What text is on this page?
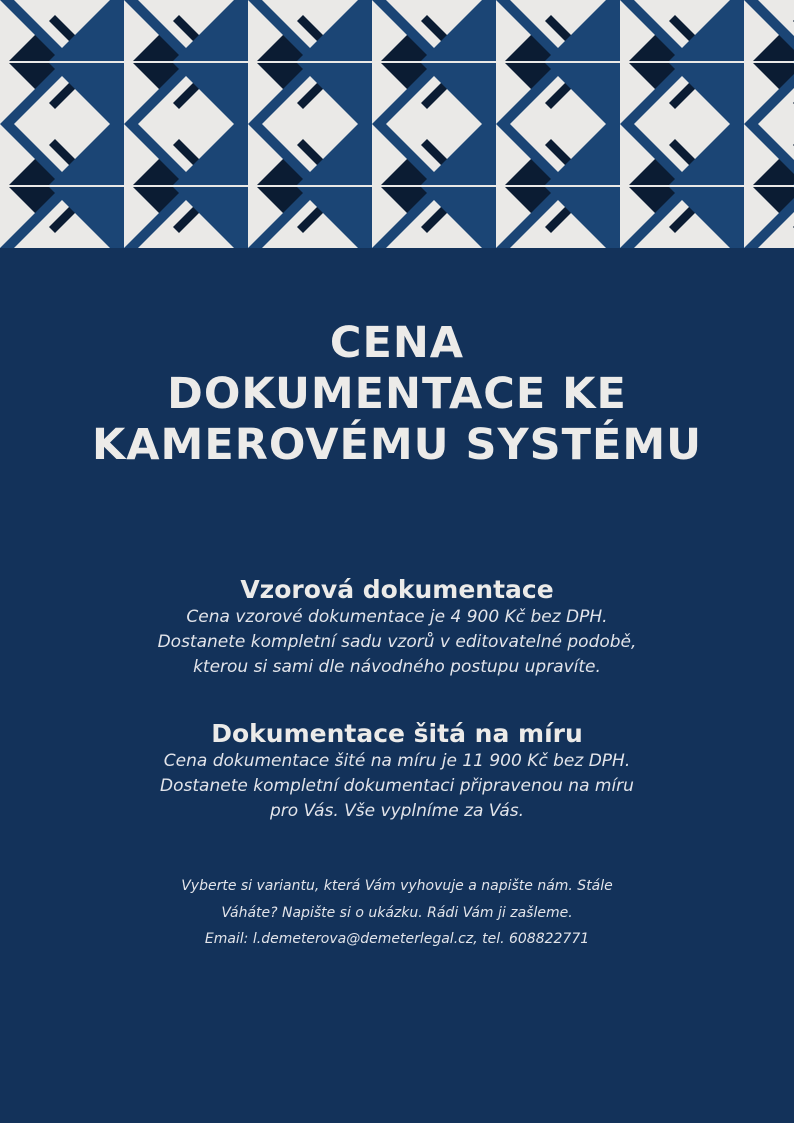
CENA
DOKUMENTACE KE
KAMEROVÉMU SYSTÉMU
Vzorová dokumentace

Cena vzorové dokumentace je 4 900 Kč bez DPH.
Dostanete kompletní sadu vzorů v editovatelné podobě,
kterou si sami dle návodného postupu upravíte.

Dokumentace šitá na míru

Cena dokumentace šité na míru je 11 900 Kč bez DPH.
Dostanete kompletní dokumentaci připravenou na míru
pro Vás. Vše vyplníme za Vás.

Vyberte si variantu, která Vám vyhovuje a napište nám. Stále
Váháte? Napište si o ukázku. Rádi Vám ji zašleme.
Email: l.demeterova@demeterlegal.cz, tel. 608822771
